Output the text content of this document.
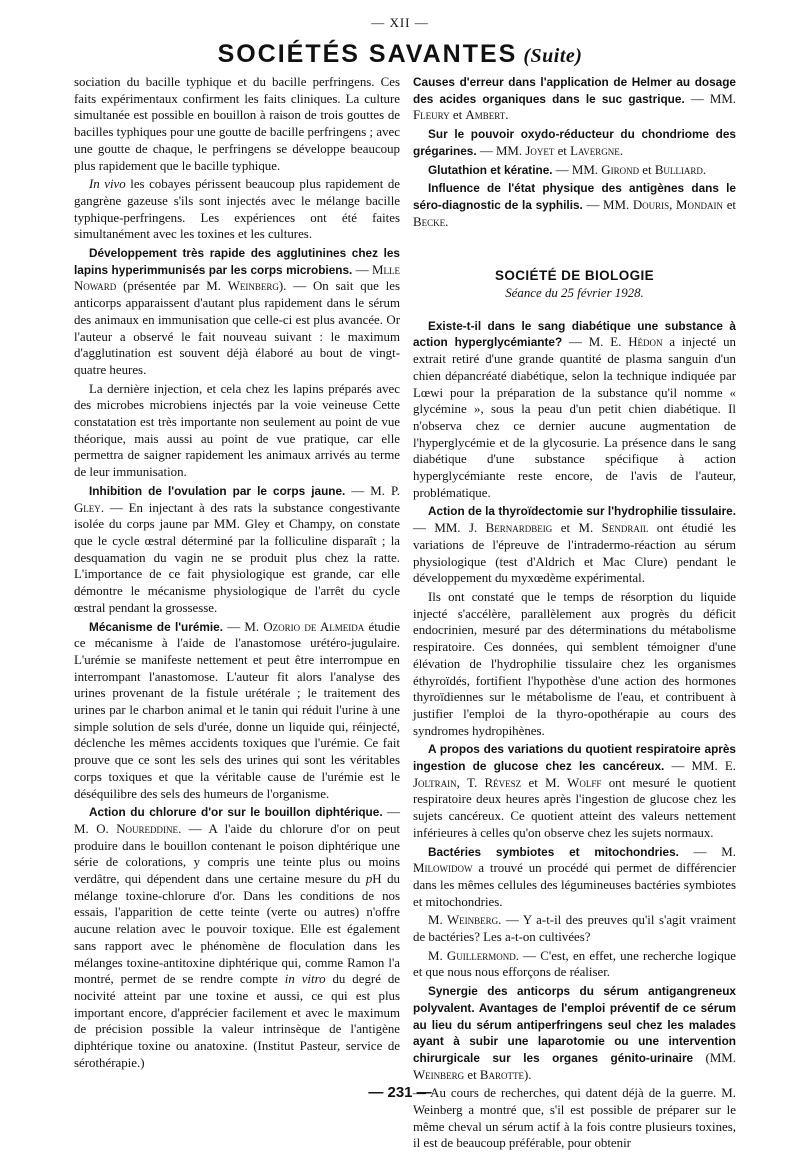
— XII —
SOCIÉTÉS SAVANTES (Suite)

sociation du bacille typhique et du bacille perfringens. Ces faits expérimentaux confirment les faits cliniques. La culture simultanée est possible en bouillon à raison de trois gouttes de bacilles typhiques pour une goutte de bacille perfringens ; avec une goutte de chaque, le perfringens se développe beaucoup plus rapidement que le bacille typhique.

In vivo les cobayes périssent beaucoup plus rapidement de gangrène gazeuse s'ils sont injectés avec le mélange bacille typhique-perfringens. Les expériences ont été faites simultanément avec les toxines et les cultures.

Développement très rapide des agglutinines chez les lapins hyperimmunisés par les corps microbiens. — Mlle Noward (présentée par M. Weinberg). — On sait que les anticorps apparaissent d'autant plus rapidement dans le sérum des animaux en immunisation que celle-ci est plus avancée. Or l'auteur a observé le fait nouveau suivant : le maximum d'agglutination est souvent déjà élaboré au bout de vingt-quatre heures.

La dernière injection, et cela chez les lapins préparés avec des microbes microbiens injectés par la voie veineuse Cette constatation est très importante non seulement au point de vue théorique, mais aussi au point de vue pratique, car elle permettra de saigner rapidement les animaux arrivés au terme de leur immunisation.

Inhibition de l'ovulation par le corps jaune. — M. P. Gley. — En injectant à des rats la substance congestivante isolée du corps jaune par MM. Gley et Champy, on constate que le cycle œstral déterminé par la folliculine disparaît ; la desquamation du vagin ne se produit plus chez la ratte. L'importance de ce fait physiologique est grande, car elle démontre le mécanisme physiologique de l'arrêt du cycle œstral pendant la grossesse.

Mécanisme de l'urémie. — M. Ozorio de Almeida étudie ce mécanisme à l'aide de l'anastomose urétéro-jugulaire. L'urémie se manifeste nettement et peut être interrompue en interrompant l'anastomose. L'auteur fit alors l'analyse des urines provenant de la fistule urétérale ; le traitement des urines par le charbon animal et le tanin qui réduit l'urine à une simple solution de sels d'urée, donne un liquide qui, réinjecté, déclenche les mêmes accidents toxiques que l'urémie. Ce fait prouve que ce sont les sels des urines qui sont les véritables corps toxiques et que la véritable cause de l'urémie est le déséquilibre des sels des humeurs de l'organisme.

Action du chlorure d'or sur le bouillon diphtérique. — M. O. Noureddine. — A l'aide du chlorure d'or on peut produire dans le bouillon contenant le poison diphtérique une série de colorations, y compris une teinte plus ou moins verdâtre, qui dépendent dans une certaine mesure du pH du mélange toxine-chlorure d'or. Dans les conditions de nos essais, l'apparition de cette teinte (verte ou autres) n'offre aucune relation avec le pouvoir toxique. Elle est également sans rapport avec le phénomène de floculation dans les mélanges toxine-antitoxine diphtérique qui, comme Ramon l'a montré, permet de se rendre compte in vitro du degré de nocivité atteint par une toxine et aussi, ce qui est plus important encore, d'apprécier facilement et avec le maximum de précision possible la valeur intrinsèque de l'antigène diphtérique toxine ou anatoxine. (Institut Pasteur, service de sérothérapie.)

Causes d'erreur dans l'application de Helmer au dosage des acides organiques dans le suc gastrique. — MM. Fleury et Ambert.

Sur le pouvoir oxydo-réducteur du chondriome des grégarines. — MM. Joyet et Lavergne.

Glutathion et kératine. — MM. Girond et Bulliard.

Influence de l'état physique des antigènes dans le séro-diagnostic de la syphilis. — MM. Douris, Mondain et Becke.

SOCIÉTÉ DE BIOLOGIE
Séance du 25 février 1928.

Existe-t-il dans le sang diabétique une substance à action hyperglycémiante? — M. E. Hédon a injecté un extrait retiré d'une grande quantité de plasma sanguin d'un chien dépancréaté diabétique, selon la technique indiquée par Lœwi pour la préparation de la substance qu'il nomme « glycémine », sous la peau d'un petit chien diabétique. Il n'observa chez ce dernier aucune augmentation de l'hyperglycémie et de la glycosurie. La présence dans le sang diabétique d'une substance spécifique à action hyperglycémiante reste encore, de l'avis de l'auteur, problématique.

Action de la thyroïdectomie sur l'hydrophilie tissulaire. — MM. J. Bernardbeig et M. Sendrail ont étudié les variations de l'épreuve de l'intradermo-réaction au sérum physiologique (test d'Aldrich et Mac Clure) pendant le développement du myxœdème expérimental.

Ils ont constaté que le temps de résorption du liquide injecté s'accélère, parallèlement aux progrès du déficit endocrinien, mesuré par des déterminations du métabolisme respiratoire. Ces données, qui semblent témoigner d'une élévation de l'hydrophilie tissulaire chez les organismes éthyroïdés, fortifient l'hypothèse d'une action des hormones thyroïdiennes sur le métabolisme de l'eau, et contribuent à justifier l'emploi de la thyro-opothérapie au cours des syndromes hydropihènes.

A propos des variations du quotient respiratoire après ingestion de glucose chez les cancéreux. — MM. E. Joltrain, T. Révesz et M. Wolff ont mesuré le quotient respiratoire deux heures après l'ingestion de glucose chez les sujets cancéreux. Ce quotient atteint des valeurs nettement inférieures à celles qu'on observe chez les sujets normaux.

Bactéries symbiotes et mitochondries. — M. Milowidow a trouvé un procédé qui permet de différencier dans les mêmes cellules des légumineuses bactéries symbiotes et mitochondries.

M. Weinberg. — Y a-t-il des preuves qu'il s'agit vraiment de bactéries? Les a-t-on cultivées?

M. Guillermond. — C'est, en effet, une recherche logique et que nous nous efforçons de réaliser.

Synergie des anticorps du sérum antigangreneux polyvalent. Avantages de l'emploi préventif de ce sérum au lieu du sérum antiperfringens seul chez les malades ayant à subir une laparotomie ou une intervention chirurgicale sur les organes génito-urinaire (MM. Weinberg et Barotte).

— Au cours de recherches, qui datent déjà de la guerre. M. Weinberg a montré que, s'il est possible de préparer sur le même cheval un sérum actif à la fois contre plusieurs toxines, il est de beaucoup préférable, pour obtenir

— 231 —
